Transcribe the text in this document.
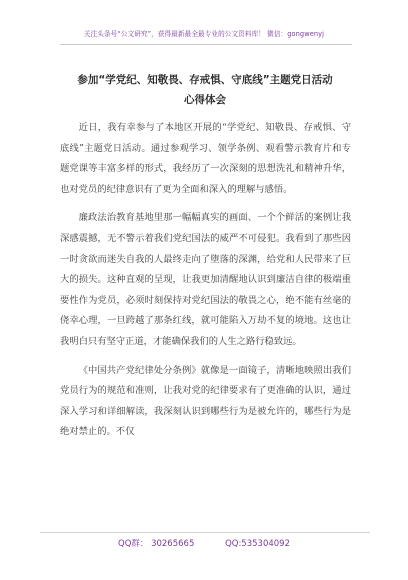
关注头条号“公文研究”，获得最新最全最专业的公文资料库！ 微信：gongwenyj
参加“学党纪、知敬畏、存戒惧、守底线”主题党日活动
心得体会

近日，我有幸参与了本地区开展的“学党纪、知敬畏、存戒惧、守底线”主题党日活动。通过参观学习、领学条例、观看警示教育片和专题党课等丰富多样的形式，我经历了一次深刻的思想洗礼和精神升华，也对党员的纪律意识有了更为全面和深入的理解与感悟。

廉政法治教育基地里那一幅幅真实的画面、一个个鲜活的案例让我深感震撼，无不警示着我们党纪国法的威严不可侵犯。我看到了那些因一时贪欲而迷失自我的人最终走向了堕落的深渊，给党和人民带来了巨大的损失。这种直观的呈现，让我更加清醒地认识到廉洁自律的极端重要性作为党员，必须时刻保持对党纪国法的敬畏之心，绝不能有丝毫的侥幸心理，一旦跨越了那条红线，就可能陷入万劫不复的境地。这也让我明白只有坚守正道，才能确保我们的人生之路行稳致远。

《中国共产党纪律处分条例》就像是一面镜子，清晰地映照出我们党员行为的规范和准则，让我对党的纪律要求有了更准确的认识，通过深入学习和详细解读，我深刻认识到哪些行为是被允许的，哪些行为是绝对禁止的。不仅

QQ群： 30265665	QQ:535304092
